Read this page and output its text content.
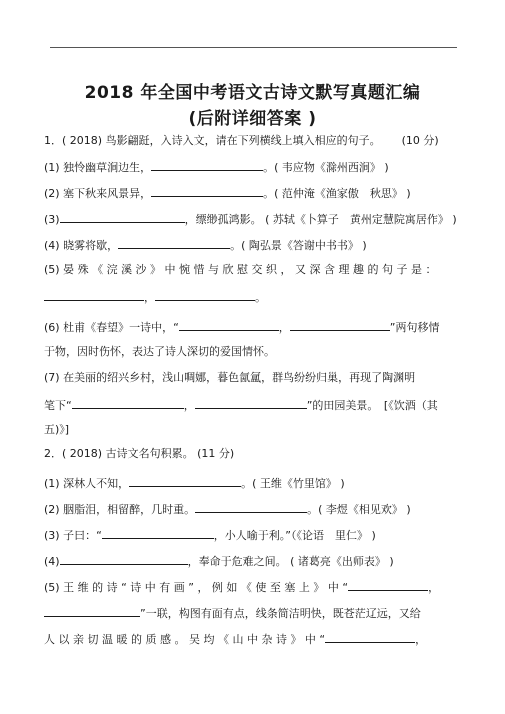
2018 年全国中考语文古诗文默写真题汇编
(后附详细答案 )
1．( 2018) 鸟影翩跹，入诗入文，请在下列横线上填入相应的句子。 (10 分)
(1) 独怜幽草涧边生，	。( 韦应物《滁州西涧》 )
(2) 塞下秋来风景异，	。( 范仲淹《渔家傲　秋思》 )
(3)	，缥缈孤鸿影。 ( 苏轼《卜算子　黄州定慧院寓居作》 )
(4) 晓雾将歇，	。( 陶弘景《答谢中书书》 )
(5) 晏 殊 《 浣 溪 沙 》 中 惋 惜 与 欣 慰 交 织 ， 又 深 含 理 趣 的 句 子 是 ：
，	。
(6) 杜甫《春望》一诗中，“	，	”两句移情
于物，因时伤怀，表达了诗人深切的爱国情怀。
(7) 在美丽的绍兴乡村，浅山啁娜，暮色氤氲，群鸟纷纷归巢，再现了陶渊明
笔下“	，	”的田园美景。　[《饮酒（其
五)》]
2．( 2018) 古诗文名句积累。 (11 分)
(1) 深林人不知，	。( 王维《竹里馆》 )
(2) 胭脂泪，相留醉，几时重。	。( 李煜《相见欢》 )
(3) 子曰：“	，小人喻于利。”（《论语　里仁》 )
(4)	，奉命于危难之间。 ( 诸葛亮《出师表》 )
(5) 王 维 的 诗 “ 诗 中 有 画 ” ， 例 如 《 使 至 塞 上 》 中 “	，
”一联，构图有面有点，线条简洁明快，既苍茫辽远，又给
人 以 亲 切 温 暖 的 质 感 。 吴 均 《 山 中 杂 诗 》 中 “	，
